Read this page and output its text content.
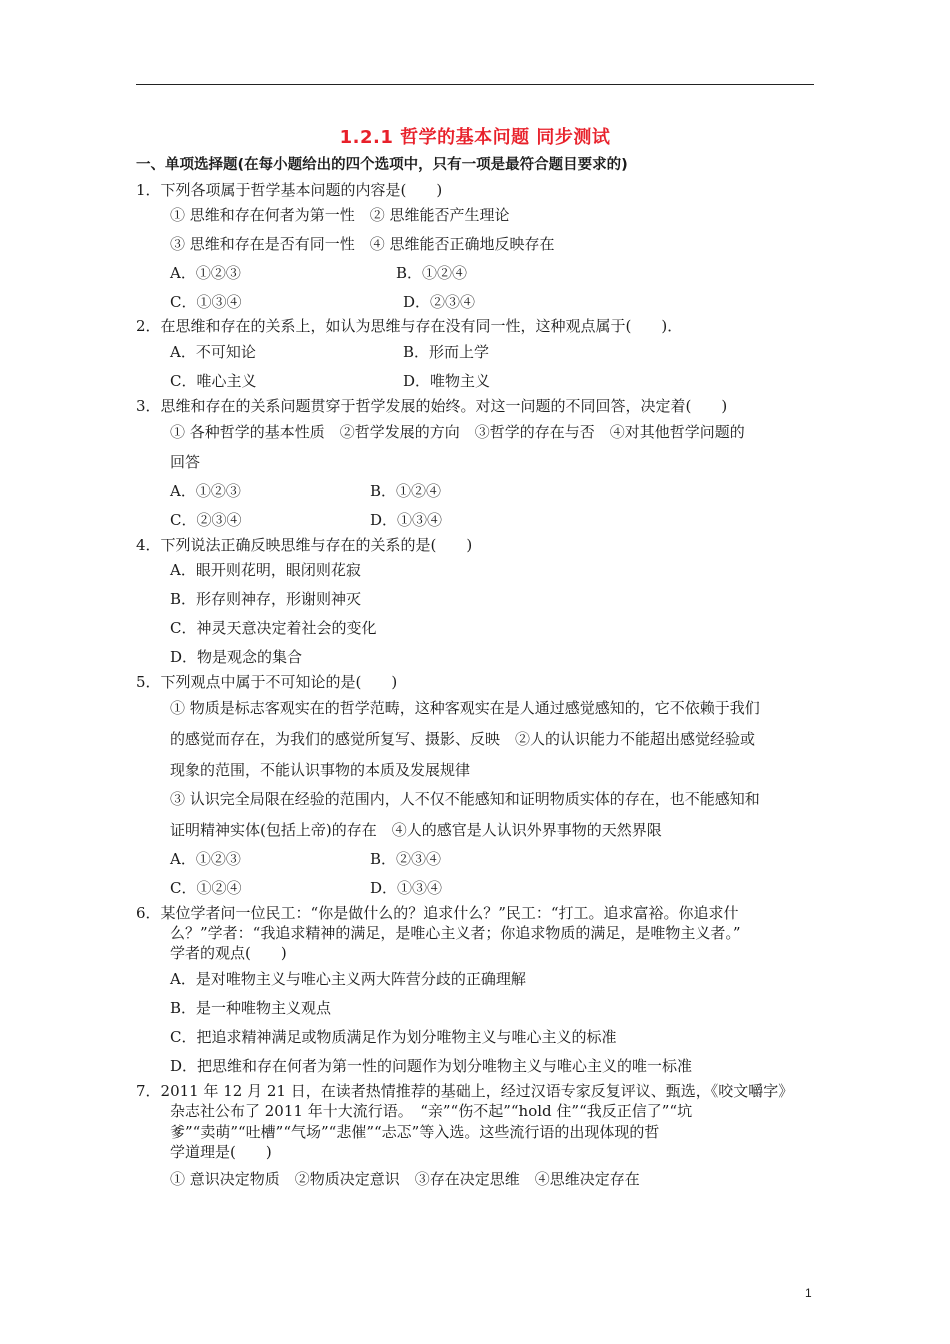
1.2.1 哲学的基本问题 同步测试
一、单项选择题(在每小题给出的四个选项中，只有一项是最符合题目要求的)
1．下列各项属于哲学基本问题的内容是(　　)
① 思维和存在何者为第一性　② 思维能否产生理论
③ 思维和存在是否有同一性　④ 思维能否正确地反映存在
A．①②③	B．①②④
C．①③④	D．②③④
2．在思维和存在的关系上，如认为思维与存在没有同一性，这种观点属于(　　)．
A．不可知论	B．形而上学
C．唯心主义	D．唯物主义
3．思维和存在的关系问题贯穿于哲学发展的始终。对这一问题的不同回答，决定着(　　)
① 各种哲学的基本性质　②哲学发展的方向　③哲学的存在与否　④对其他哲学问题的
回答
A．①②③	B．①②④
C．②③④	D．①③④
4．下列说法正确反映思维与存在的关系的是(　　)
A．眼开则花明，眼闭则花寂
B．形存则神存，形谢则神灭
C．神灵天意决定着社会的变化
D．物是观念的集合
5．下列观点中属于不可知论的是(　　)
① 物质是标志客观实在的哲学范畴，这种客观实在是人通过感觉感知的，它不依赖于我们
的感觉而存在，为我们的感觉所复写、摄影、反映　②人的认识能力不能超出感觉经验或
现象的范围，不能认识事物的本质及发展规律
③ 认识完全局限在经验的范围内，人不仅不能感知和证明物质实体的存在，也不能感知和
证明精神实体(包括上帝)的存在　④人的感官是人认识外界事物的天然界限
A．①②③	B．②③④
C．①②④	D．①③④
6．某位学者问一位民工：“你是做什么的？追求什么？”民工：“打工。追求富裕。你追求什
么？”学者：“我追求精神的满足，是唯心主义者；你追求物质的满足，是唯物主义者。”
学者的观点(　　)
A．是对唯物主义与唯心主义两大阵营分歧的正确理解
B．是一种唯物主义观点
C．把追求精神满足或物质满足作为划分唯物主义与唯心主义的标准
D．把思维和存在何者为第一性的问题作为划分唯物主义与唯心主义的唯一标准
7．2011 年 12 月 21 日，在读者热情推荐的基础上，经过汉语专家反复评议、甄选，《咬文嚼字》
杂志社公布了 2011 年十大流行语。　“亲”“伤不起”“hold 住”“我反正信了”“坑
爹”“卖萌”“吐槽”“气场”“悲催”“忐忑”等入选。这些流行语的出现体现的哲
学道理是(　　)
① 意识决定物质　②物质决定意识　③存在决定思维　④思维决定存在
1
